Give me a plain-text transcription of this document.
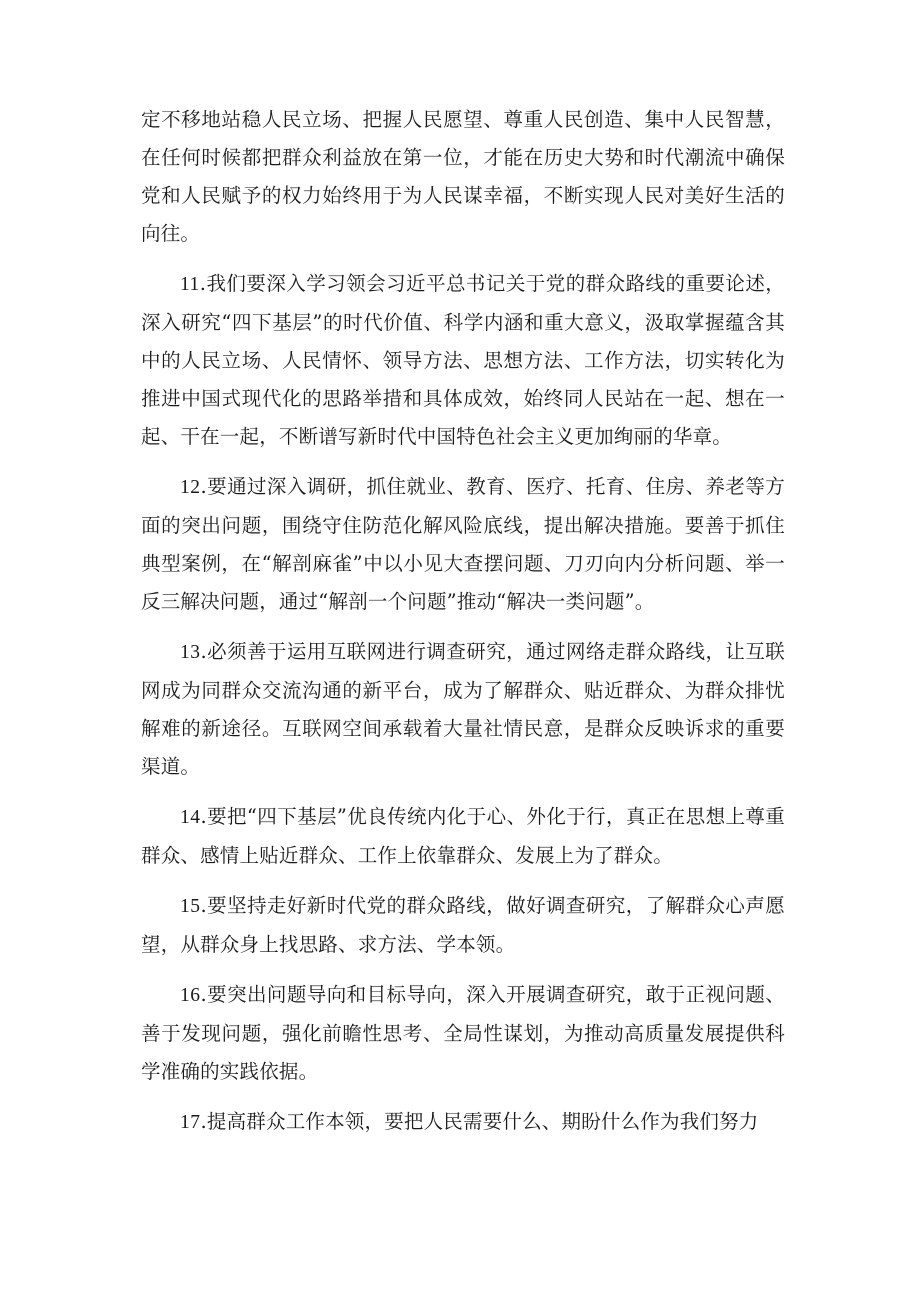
定不移地站稳人民立场、把握人民愿望、尊重人民创造、集中人民智慧，在任何时候都把群众利益放在第一位，才能在历史大势和时代潮流中确保党和人民赋予的权力始终用于为人民谋幸福，不断实现人民对美好生活的向往。

11.我们要深入学习领会习近平总书记关于党的群众路线的重要论述，深入研究“四下基层”的时代价值、科学内涵和重大意义，汲取掌握蕴含其中的人民立场、人民情怀、领导方法、思想方法、工作方法，切实转化为推进中国式现代化的思路举措和具体成效，始终同人民站在一起、想在一起、干在一起，不断谱写新时代中国特色社会主义更加绚丽的华章。

12.要通过深入调研，抓住就业、教育、医疗、托育、住房、养老等方面的突出问题，围绕守住防范化解风险底线，提出解决措施。要善于抓住典型案例，在“解剖麻雀”中以小见大查摆问题、刀刃向内分析问题、举一反三解决问题，通过“解剖一个问题”推动“解决一类问题”。

13.必须善于运用互联网进行调查研究，通过网络走群众路线，让互联网成为同群众交流沟通的新平台，成为了解群众、贴近群众、为群众排忧解难的新途径。互联网空间承载着大量社情民意，是群众反映诉求的重要渠道。

14.要把“四下基层”优良传统内化于心、外化于行，真正在思想上尊重群众、感情上贴近群众、工作上依靠群众、发展上为了群众。

15.要坚持走好新时代党的群众路线，做好调查研究，了解群众心声愿望，从群众身上找思路、求方法、学本领。

16.要突出问题导向和目标导向，深入开展调查研究，敢于正视问题、善于发现问题，强化前瞻性思考、全局性谋划，为推动高质量发展提供科学准确的实践依据。

17.提高群众工作本领，要把人民需要什么、期盼什么作为我们努力
